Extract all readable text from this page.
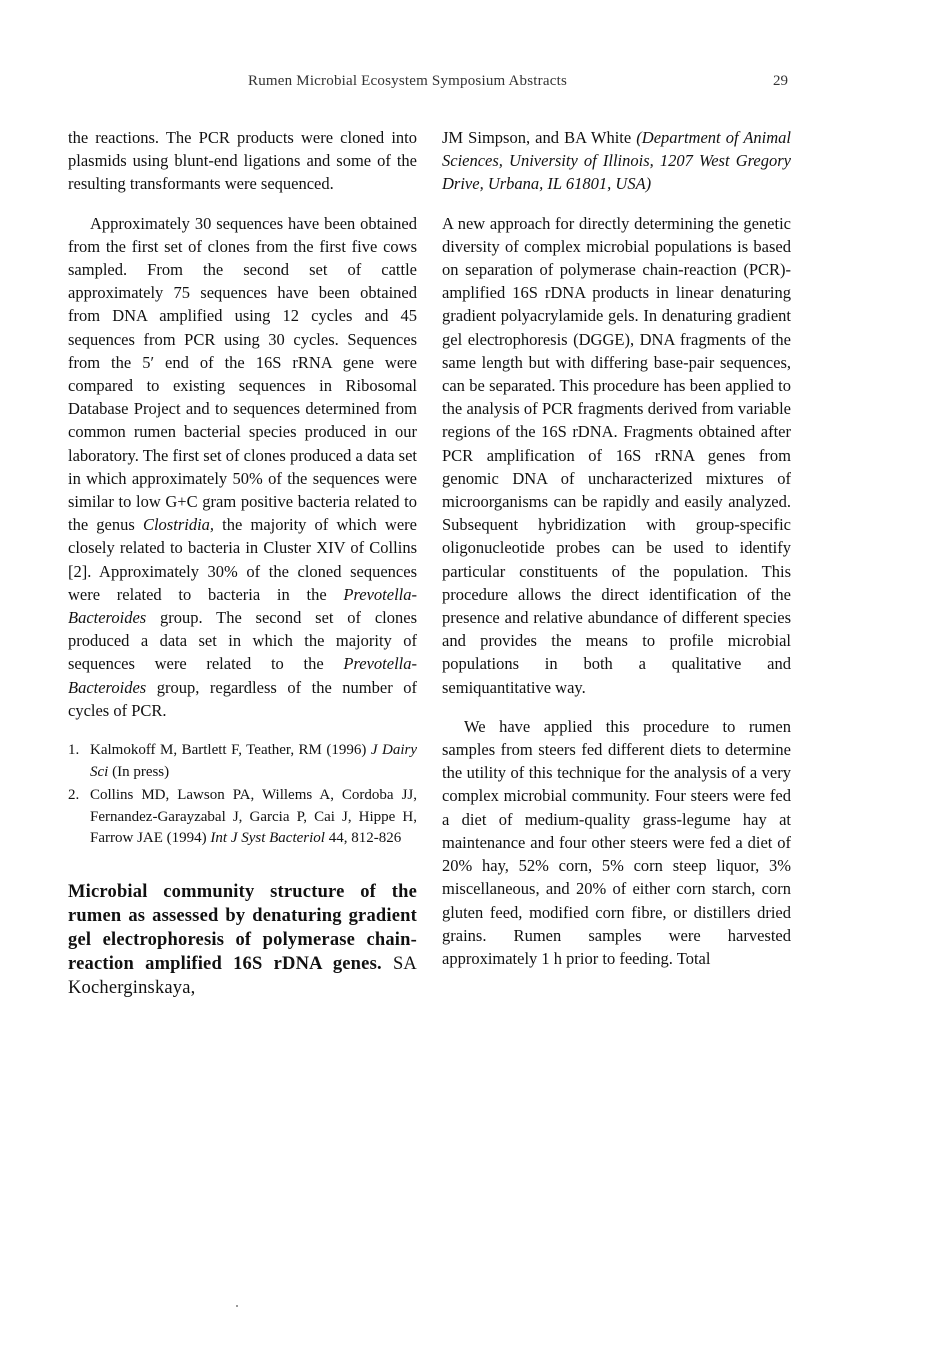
Rumen Microbial Ecosystem Symposium Abstracts	29

the reactions. The PCR products were cloned into plasmids using blunt-end ligations and some of the resulting transformants were sequenced.

Approximately 30 sequences have been obtained from the first set of clones from the first five cows sampled. From the second set of cattle approximately 75 sequences have been obtained from DNA amplified using 12 cycles and 45 sequences from PCR using 30 cycles. Sequences from the 5′ end of the 16S rRNA gene were compared to existing sequences in Ribosomal Database Project and to sequences determined from common rumen bacterial species produced in our laboratory. The first set of clones produced a data set in which approximately 50% of the sequences were similar to low G+C gram positive bacteria related to the genus Clostridia, the majority of which were closely related to bacteria in Cluster XIV of Collins [2]. Approximately 30% of the cloned sequences were related to bacteria in the Prevotella-Bacteroides group. The second set of clones produced a data set in which the majority of sequences were related to the Prevotella-Bacteroides group, regardless of the number of cycles of PCR.

1. Kalmokoff M, Bartlett F, Teather, RM (1996) J Dairy Sci (In press)
2. Collins MD, Lawson PA, Willems A, Cordoba JJ, Fernandez-Garayzabal J, Garcia P, Cai J, Hippe H, Farrow JAE (1994) Int J Syst Bacteriol 44, 812-826

Microbial community structure of the rumen as assessed by denaturing gradient gel electrophoresis of polymerase chain-reaction amplified 16S rDNA genes. SA Kocherginskaya,

JM Simpson, and BA White (Department of Animal Sciences, University of Illinois, 1207 West Gregory Drive, Urbana, IL 61801, USA)

A new approach for directly determining the genetic diversity of complex microbial populations is based on separation of polymerase chain-reaction (PCR)-amplified 16S rDNA products in linear denaturing gradient polyacrylamide gels. In denaturing gradient gel electrophoresis (DGGE), DNA fragments of the same length but with differing base-pair sequences, can be separated. This procedure has been applied to the analysis of PCR fragments derived from variable regions of the 16S rDNA. Fragments obtained after PCR amplification of 16S rRNA genes from genomic DNA of uncharacterized mixtures of microorganisms can be rapidly and easily analyzed. Subsequent hybridization with group-specific oligonucleotide probes can be used to identify particular constituents of the population. This procedure allows the direct identification of the presence and relative abundance of different species and provides the means to profile microbial populations in both a qualitative and semiquantitative way.

We have applied this procedure to rumen samples from steers fed different diets to determine the utility of this technique for the analysis of a very complex microbial community. Four steers were fed a diet of medium-quality grass-legume hay at maintenance and four other steers were fed a diet of 20% hay, 52% corn, 5% corn steep liquor, 3% miscellaneous, and 20% of either corn starch, corn gluten feed, modified corn fibre, or distillers dried grains. Rumen samples were harvested approximately 1 h prior to feeding. Total
